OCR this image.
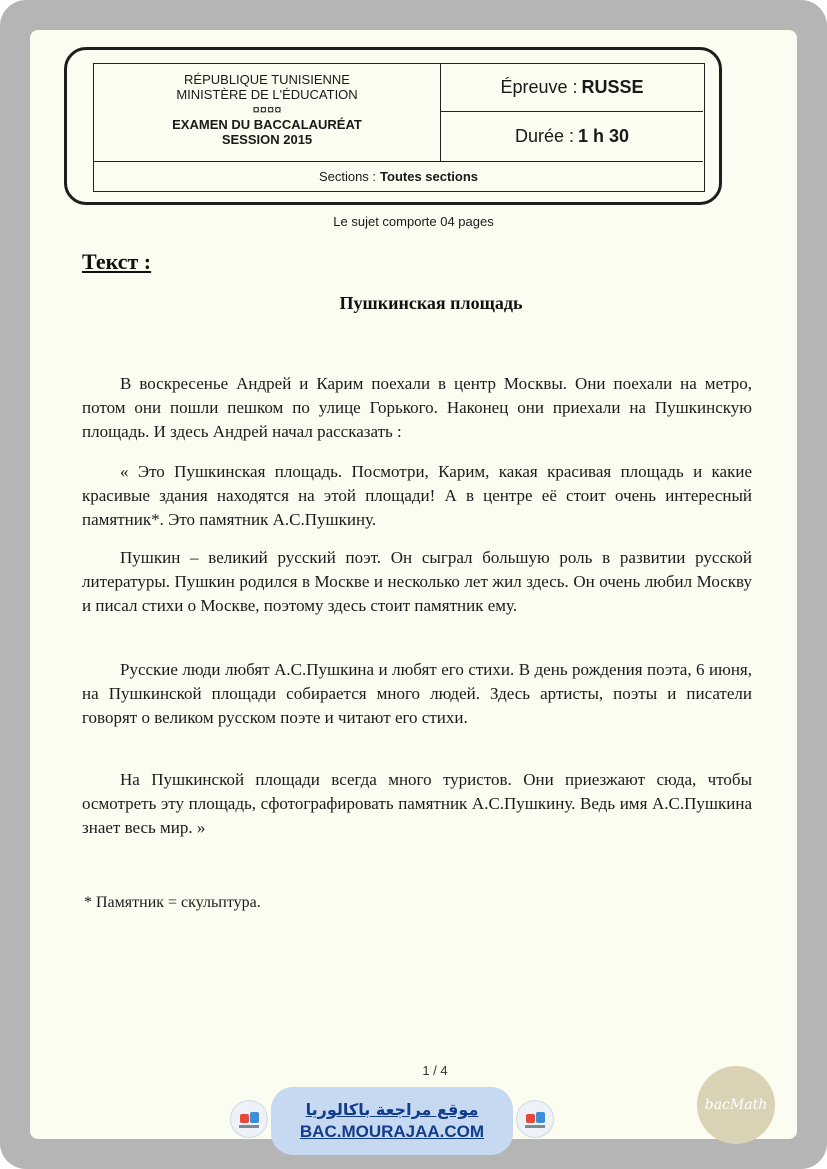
RÉPUBLIQUE TUNISIENNE
MINISTÈRE DE L'ÉDUCATION
¤¤¤¤
EXAMEN DU BACCALAURÉAT
SESSION 2015
Épreuve : RUSSE
Durée : 1 h 30
Sections : Toutes sections
Le sujet comporte 04 pages
Текст :
Пушкинская площадь

В воскресенье Андрей и Карим поехали в центр Москвы. Они поехали на метро, потом они пошли пешком по улице Горького. Наконец они приехали на Пушкинскую площадь. И здесь Андрей начал рассказать :

« Это Пушкинская площадь. Посмотри, Карим, какая красивая площадь и какие красивые здания находятся на этой площади! А в центре её стоит очень интересный памятник*. Это памятник А.С.Пушкину.

Пушкин – великий русский поэт. Он сыграл большую роль в развитии русской литературы. Пушкин родился в Москве и несколько лет жил здесь. Он очень любил Москву и писал стихи о Москве, поэтому здесь стоит памятник ему.

Русские люди любят А.С.Пушкина и любят его стихи. В день рождения поэта, 6 июня, на Пушкинской площади собирается много людей. Здесь артисты, поэты и писатели говорят о великом русском поэте и читают его стихи.

На Пушкинской площади всегда много туристов. Они приезжают сюда, чтобы осмотреть эту площадь, сфотографировать памятник А.С.Пушкину. Ведь имя А.С.Пушкина знает весь мир. »

* Памятник = скульптура.
1 / 4
موقع مراجعة باكالوريا
BAC.MOURAJAA.COM
bacMath
